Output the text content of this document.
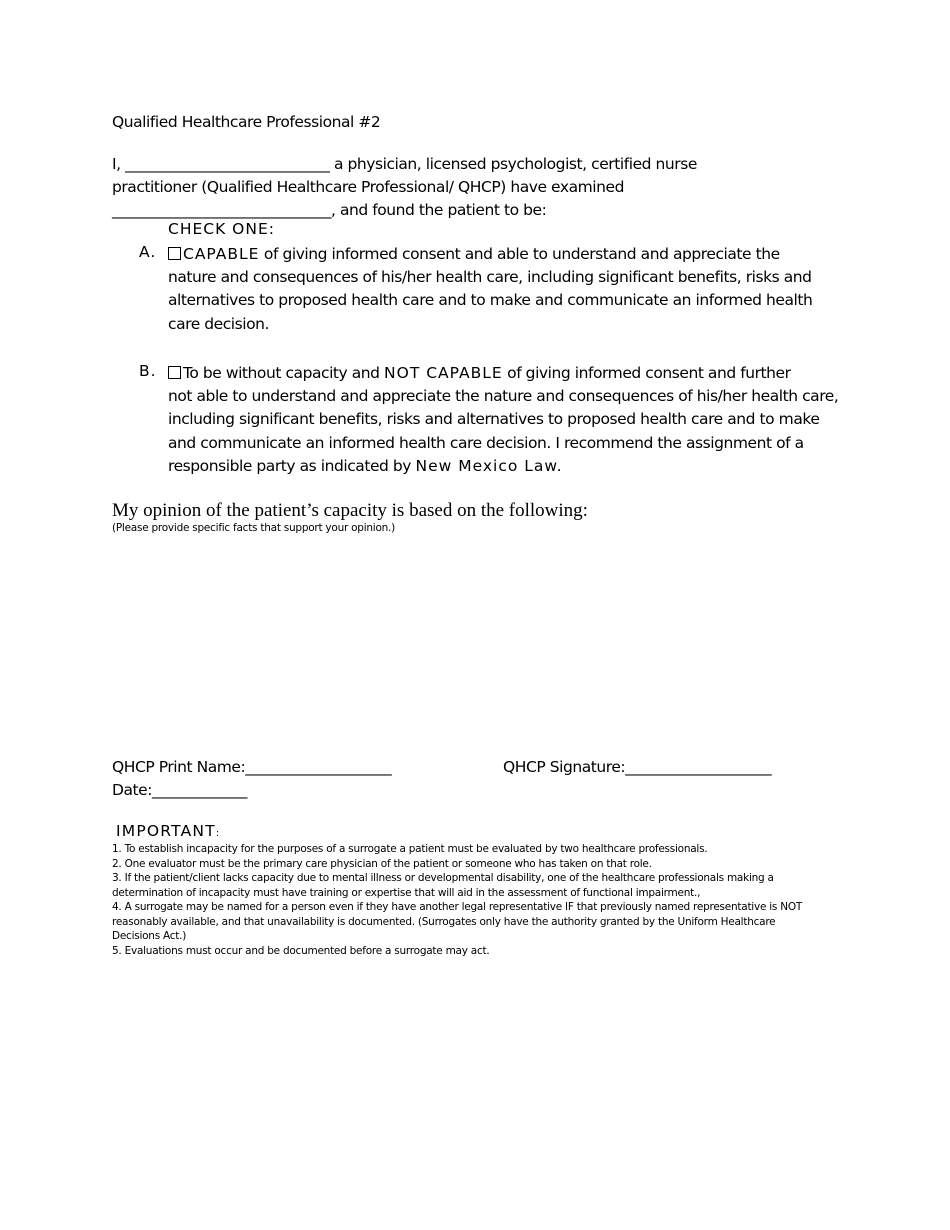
Qualified Healthcare Professional #2
I, ____________________________ a physician, licensed psychologist, certified nurse
practitioner (Qualified Healthcare Professional/ QHCP) have examined
______________________________, and found the patient to be:
CHECK ONE:
A.	CAPABLE of giving informed consent and able to understand and appreciate the
nature and consequences of his/her health care, including significant benefits, risks and
alternatives to proposed health care and to make and communicate an informed health
care decision.
B.	To be without capacity and NOT CAPABLE of giving informed consent and further
not able to understand and appreciate the nature and consequences of his/her health care,
including significant benefits, risks and alternatives to proposed health care and to make
and communicate an informed health care decision. I recommend the assignment of a
responsible party as indicated by New Mexico Law.
My opinion of the patient’s capacity is based on the following:
(Please provide specific facts that support your opinion.)
QHCP Print Name:____________________	QHCP Signature:____________________
Date:_____________
IMPORTANT:
1. To establish incapacity for the purposes of a surrogate a patient must be evaluated by two healthcare professionals.
2. One evaluator must be the primary care physician of the patient or someone who has taken on that role.
3. If the patient/client lacks capacity due to mental illness or developmental disability, one of the healthcare professionals making a
determination of incapacity must have training or expertise that will aid in the assessment of functional impairment.,
4. A surrogate may be named for a person even if they have another legal representative IF that previously named representative is NOT
reasonably available, and that unavailability is documented. (Surrogates only have the authority granted by the Uniform Healthcare
Decisions Act.)
5. Evaluations must occur and be documented before a surrogate may act.
